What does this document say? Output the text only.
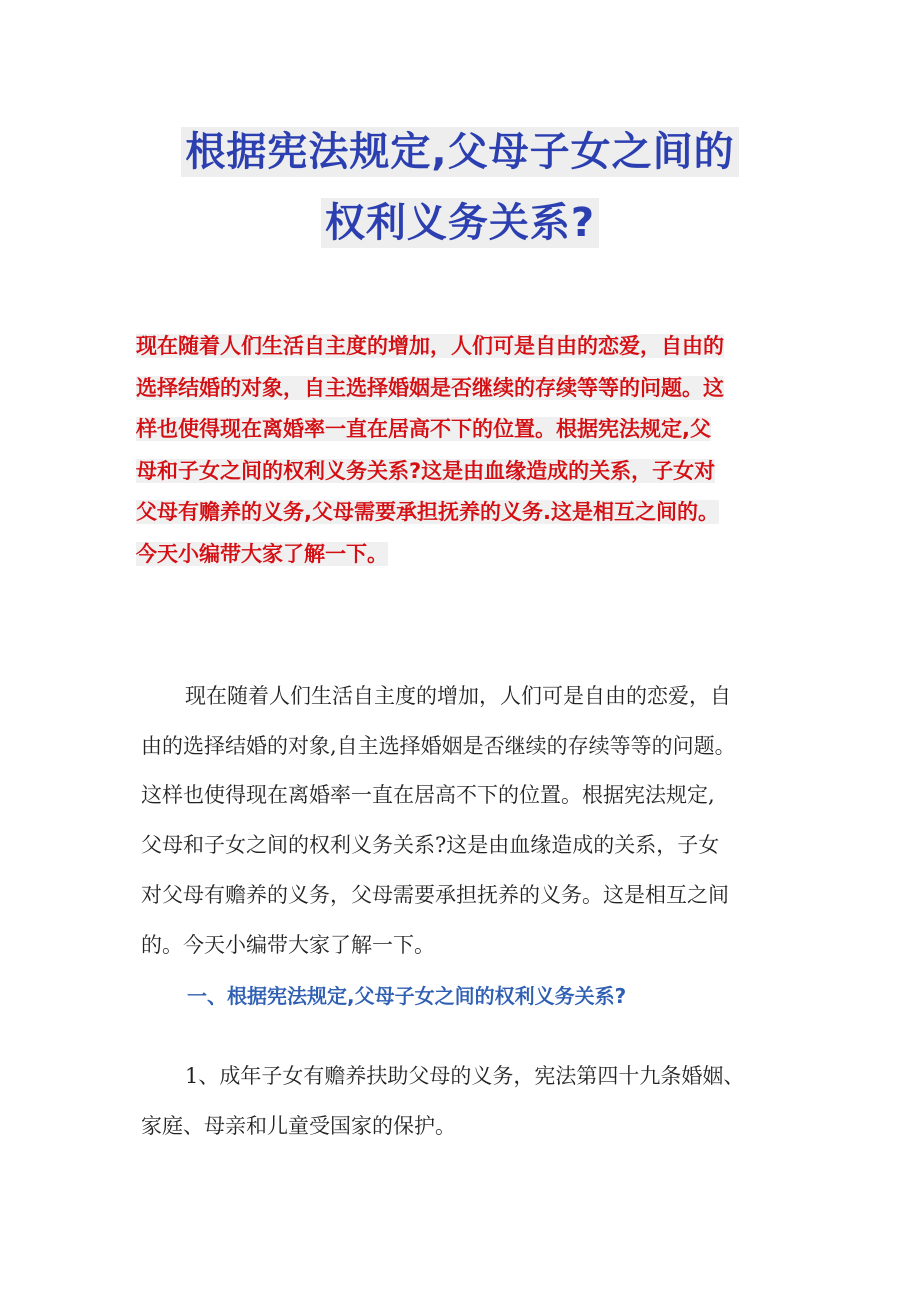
根据宪法规定,父母子女之间的
权利义务关系?
现在随着人们生活自主度的增加，人们可是自由的恋爱，自由的
选择结婚的对象，自主选择婚姻是否继续的存续等等的问题。这
样也使得现在离婚率一直在居高不下的位置。根据宪法规定,父
母和子女之间的权利义务关系?这是由血缘造成的关系，子女对
父母有赡养的义务,父母需要承担抚养的义务.这是相互之间的。
今天小编带大家了解一下。
现在随着人们生活自主度的增加，人们可是自由的恋爱，自
由的选择结婚的对象,自主选择婚姻是否继续的存续等等的问题。
这样也使得现在离婚率一直在居高不下的位置。根据宪法规定,
父母和子女之间的权利义务关系?这是由血缘造成的关系，子女
对父母有赡养的义务，父母需要承担抚养的义务。这是相互之间
的。今天小编带大家了解一下。
一、根据宪法规定,父母子女之间的权利义务关系?
1、成年子女有赡养扶助父母的义务，宪法第四十九条婚姻、
家庭、母亲和儿童受国家的保护。
